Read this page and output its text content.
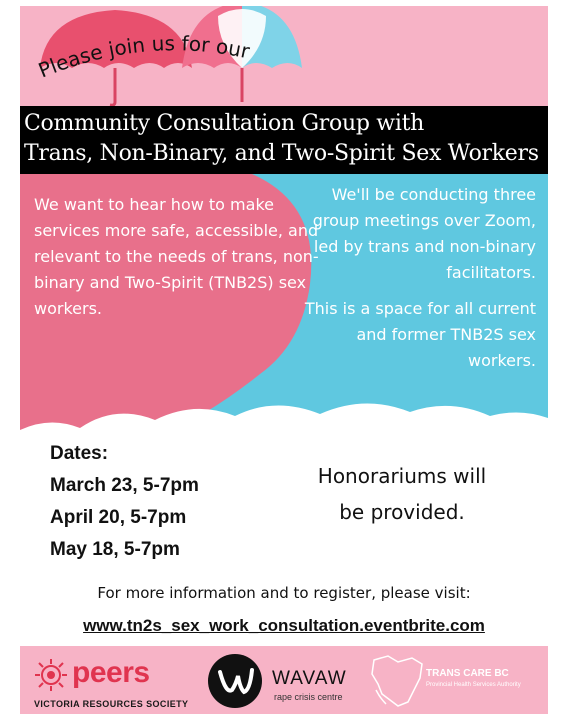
Please join us for our
Community Consultation Group with
Trans, Non-Binary, and Two-Spirit Sex Workers

We want to hear how to make services more safe, accessible, and relevant to the needs of trans, non-binary and Two-Spirit (TNB2S) sex workers.

We'll be conducting three group meetings over Zoom, led by trans and non-binary facilitators.

This is a space for all current and former TNB2S sex workers.

Dates:
March 23, 5-7pm
April 20, 5-7pm
May 18, 5-7pm
Honorariums will
be provided.
For more information and to register, please visit:
www.tn2s_sex_work_consultation.eventbrite.com
peers
VICTORIA RESOURCES SOCIETY
WAVAW
rape crisis centre
TRANS CARE BC
Provincial Health Services Authority
